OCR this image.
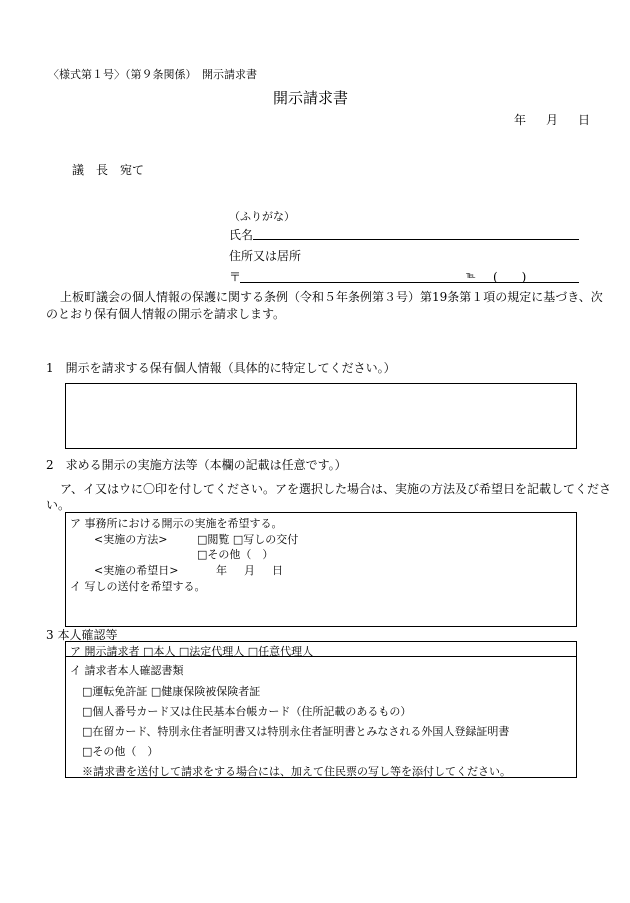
〈様式第１号〉（第９条関係）　開示請求書
開示請求書
年　月　日
議　長　宛て
（ふりがな）
氏名
住所又は居所
〒	℡ (　　)
上板町議会の個人情報の保護に関する条例（令和５年条例第３号）第19条第１項の規定に基づき、次
のとおり保有個人情報の開示を請求します。
1　開示を請求する保有個人情報（具体的に特定してください。）
2　求める開示の実施方法等（本欄の記載は任意です。）
ア、イ又はウに〇印を付してください。アを選択した場合は、実施の方法及び希望日を記載してくださ
い。
ア 事務所における開示の実施を希望する。
<実施の方法>	□閲覧 □写しの交付
□その他（　）
<実施の希望日>	年　月　日
イ 写しの送付を希望する。
3 本人確認等
ア 開示請求者 □本人 □法定代理人 □任意代理人
イ 請求者本人確認書類
□運転免許証 □健康保険被保険者証
□個人番号カード又は住民基本台帳カード（住所記載のあるもの）
□在留カード、特別永住者証明書又は特別永住者証明書とみなされる外国人登録証明書
□その他（　）
※請求書を送付して請求をする場合には、加えて住民票の写し等を添付してください。
